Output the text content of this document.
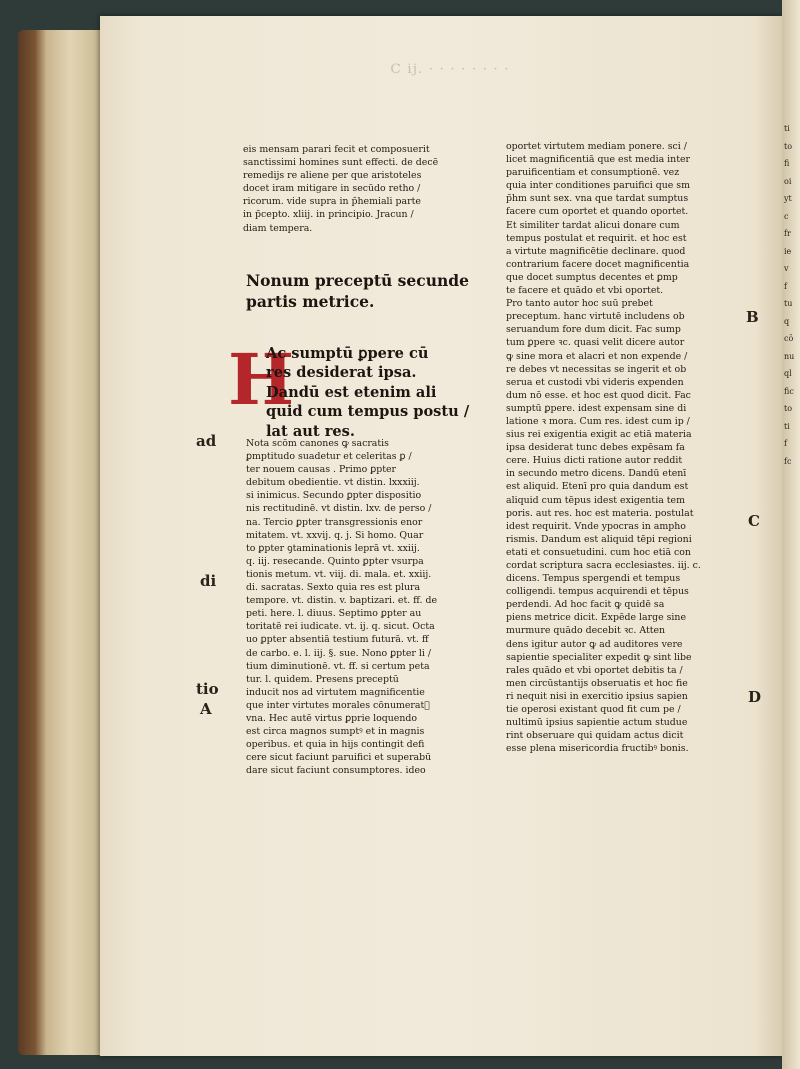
C ij. · · · · · · · ·
eis mensam parari fecit et composuerit
sanctissimi homines sunt effecti. de decē
remedijs re aliene per que aristoteles
docet iram mitigare in secūdo retho /
ricorum. vide supra in p̄hemiali parte
in p̄cepto. xliij. in principio. Jracun /
diam tempera.
Nonum preceptū secunde
partis metrice.
H
Ac sumptū ꝑpere cū
res desiderat ipsa.
Dandū est etenim ali
quid cum tempus postu /
lat aut res.
Nota scōm canones ꝙ sacratis
ꝑmptitudo suadetur et celeritas ꝑ /
ter nouem causas . Primo ꝑpter
debitum obedientie. vt distin. lxxxiij.
si inimicus. Secundo ꝑpter dispositio
nis rectitudinē. vt distin. lxv. de perso /
na. Tercio ꝑpter transgressionis enor
mitatem. vt. xxvij. q. j. Si homo. Quar
to ꝑpter ꝯtaminationis leprā vt. xxiij.
q. iij. resecande. Quinto ꝑpter vsurpa
tionis metum. vt. viij. di. mala. et. xxiij.
di. sacratas. Sexto quia res est plura
tempore. vt. distin. v. baptizari. et. ff. de
peti. here. l. diuus. Septimo ꝑpter au
toritatē rei iudicate. vt. ij. q. sicut. Octa
uo ꝑpter absentiā testium futurā. vt. ff
de carbo. e. l. iij. §. sue. Nono ꝑpter li /
tium diminutionē. vt. ff. si certum peta
tur. l. quidem. Presens preceptū
inducit nos ad virtutem magnificentie
que inter virtutes morales cōnumeratᷓ
vna. Hec autē virtus ꝑprie loquendo
est circa magnos sumptꝰ et in magnis
operibus. et quia in hijs contingit defi
cere sicut faciunt paruifici et superabū
dare sicut faciunt consumptores. ideo
oportet virtutem mediam ponere. sci /
licet magnificentiā que est media inter
paruificentiam et consumptionē. vez
quia inter conditiones paruifici que sm
p̄hm sunt sex. vna que tardat sumptus
facere cum oportet et quando oportet.
Et similiter tardat alicui donare cum
tempus postulat et requirit. et hoc est
a virtute magnificētie declinare. quod
contrarium facere docet magnificentia
que docet sumptus decentes et ꝑmp
te facere et quādo et vbi oportet.
Pro tanto autor hoc suū prebet
preceptum. hanc virtutē includens ob
seruandum fore dum dicit. Fac sump
tum ꝑpere ꝛc. quasi velit dicere autor
ꝙ sine mora et alacri et non expende /
re debes vt necessitas se ingerit et ob
serua et custodi vbi videris expenden
dum nō esse. et hoc est quod dicit. Fac
sumptū ꝑpere. idest expensam sine di
latione ꝛ mora. Cum res. idest cum ip /
sius rei exigentia exigit ac etiā materia
ipsa desiderat tunc debes expēsam fa
cere. Huius dicti ratione autor reddit
in secundo metro dicens. Dandū etenī
est aliquid. Etenī pro quia dandum est
aliquid cum tēpus idest exigentia tem
poris. aut res. hoc est materia. postulat
idest requirit. Vnde ypocras in ampho
rismis. Dandum est aliquid tēpi regioni
etati et consuetudini. cum hoc etiā con
cordat scriptura sacra ecclesiastes. iij. c.
dicens. Tempus spergendi et tempus
colligendi. tempus acquirendi et tēpus
perdendi. Ad hoc facit ꝙ quidē sa
piens metrice dicit. Expēde large sine
murmure quādo decebit ꝛc. Atten
dens igitur autor ꝙ ad auditores vere
sapientie specialiter expedit ꝙ sint libe
rales quādo et vbi oportet debitis ta /
men circūstantijs obseruatis et hoc fie
ri nequit nisi in exercitio ipsius sapien
tie operosi existant quod fit cum pe /
nultimū ipsius sapientie actum studue
rint obseruare qui quidam actus dicit
esse plena misericordia fructibꝰ bonis.
ad
di
tio
A
B
C
D
ti
to
fi
oi
yt
c
fr
ie
v
f
tu
q
cō
nu
ql
fic
to
ti
f
fc
